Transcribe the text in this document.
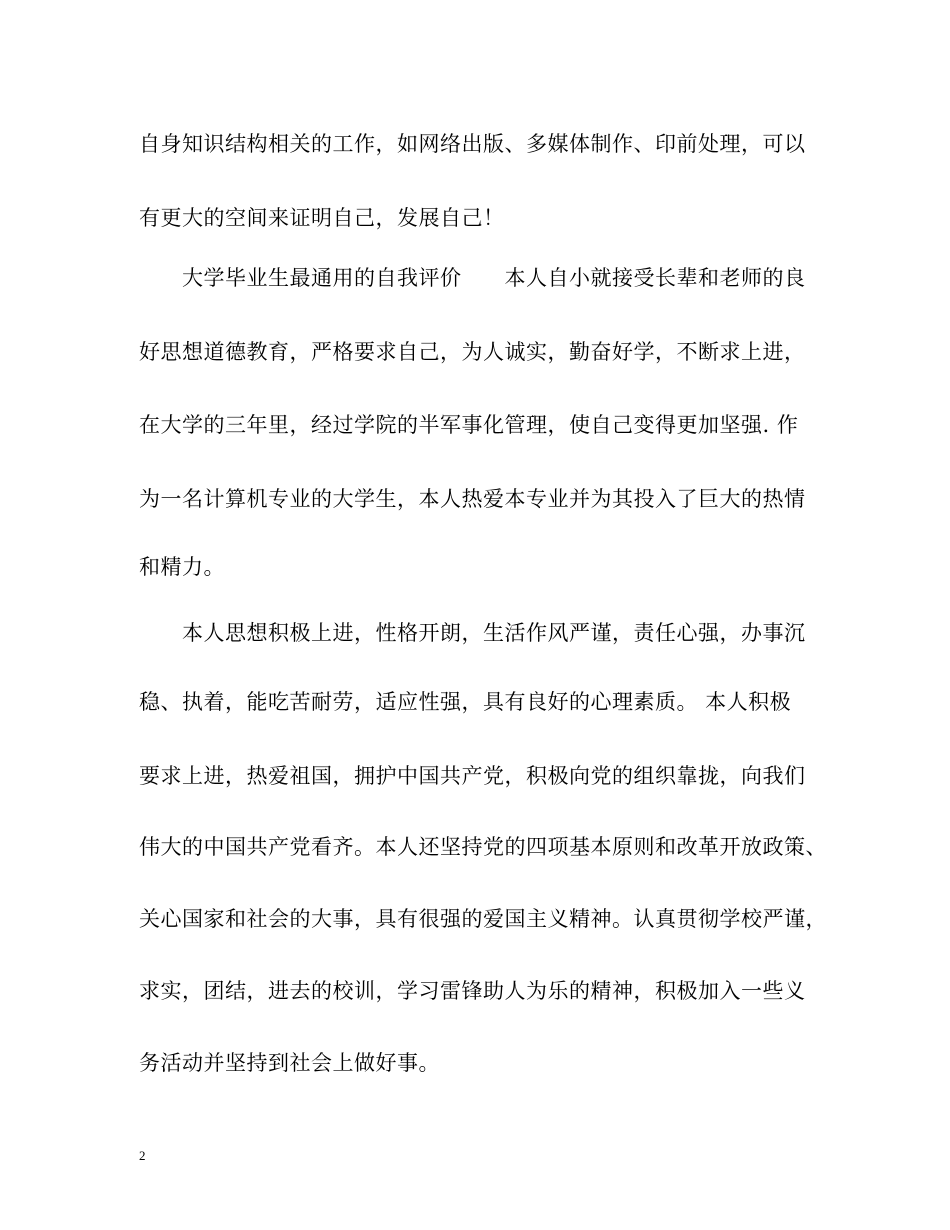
自身知识结构相关的工作，如网络出版、多媒体制作、印前处理，可以
有更大的空间来证明自己，发展自己！
　　大学毕业生最通用的自我评价　　本人自小就接受长辈和老师的良
好思想道德教育，严格要求自己，为人诚实，勤奋好学，不断求上进，
在大学的三年里，经过学院的半军事化管理，使自己变得更加坚强. 作
为一名计算机专业的大学生，本人热爱本专业并为其投入了巨大的热情
和精力。
　　本人思想积极上进，性格开朗，生活作风严谨，责任心强，办事沉
稳、执着，能吃苦耐劳，适应性强，具有良好的心理素质。 本人积极
要求上进，热爱祖国，拥护中国共产党，积极向党的组织靠拢，向我们
伟大的中国共产党看齐。本人还坚持党的四项基本原则和改革开放政策、
关心国家和社会的大事，具有很强的爱国主义精神。认真贯彻学校严谨，
求实，团结，进去的校训，学习雷锋助人为乐的精神，积极加入一些义
务活动并坚持到社会上做好事。
2
